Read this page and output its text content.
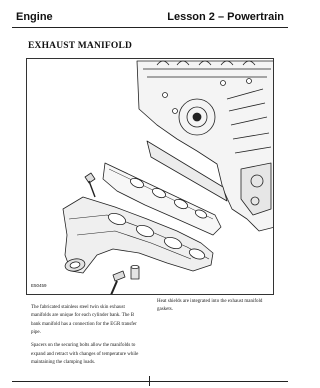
Engine	Lesson 2 – Powertrain
EXHAUST MANIFOLD
E50459

The fabricated stainless steel twin skin exhaust manifolds are unique for each cylinder bank. The B bank manifold has a connection for the EGR transfer pipe.

Spacers on the securing bolts allow the manifolds to expand and retract with changes of temperature while maintaining the clamping loads.

Heat shields are integrated into the exhaust manifold gaskets.
